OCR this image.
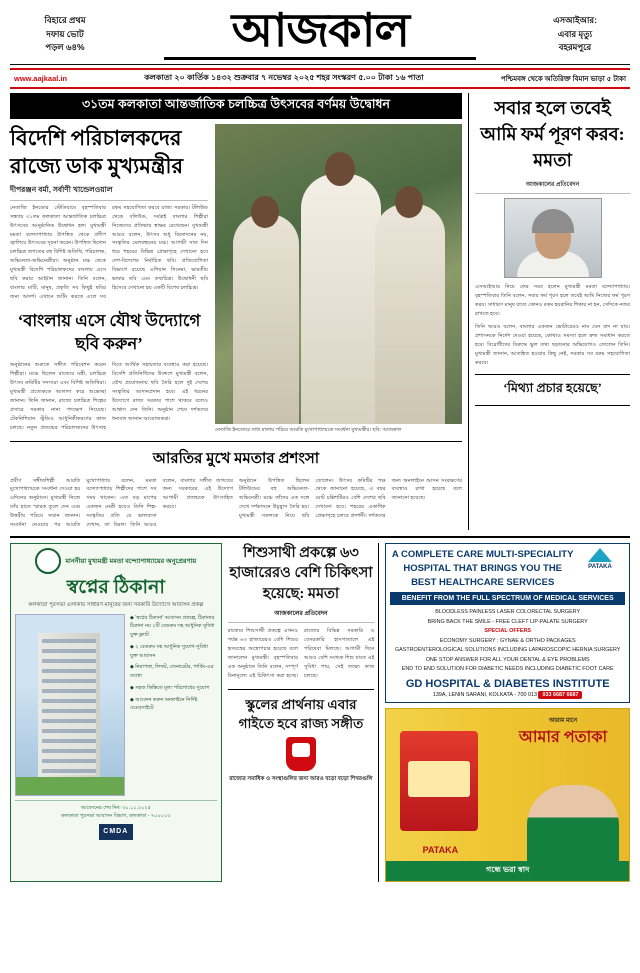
বিহারে প্রথম
দফায় ভোট
পড়ল ৬৪%	আজকাল	এসআইআর:
এবার মৃত্যু
বহরমপুরে
www.aajkaal.in	কলকাতা ২০ কার্তিক ১৪৩২ শুক্রবার ৭ নভেম্বর ২০২৫ শহর সংস্করণ ৫.০০ টাকা ১৬ পাতা	পশ্চিমবঙ্গ থেকে অতিরিক্ত বিমান ভাড়া ৫ টাকা
৩১তম কলকাতা আন্তর্জাতিক চলচ্চিত্র উৎসবের বর্ণময় উদ্বোধন
বিদেশি পরিচালকদের রাজ্যে ডাক মুখ্যমন্ত্রীর
দীপরঞ্জন বর্মা, সর্বাণী খান্ডেলওয়াল
নেতাজি ইনডোর স্টেডিয়ামে বৃহস্পতিবার সন্ধ্যায় ৩১তম কলকাতা আন্তর্জাতিক চলচ্চিত্র উৎসবের আনুষ্ঠানিক উদ্বোধন হল। মুখ্যমন্ত্রী মমতা বন্দ্যোপাধ্যায় উপস্থিত থেকে প্রদীপ জ্বালিয়ে উৎসবের সূচনা করেন। উপস্থিত ছিলেন চলচ্চিত্র জগতের বহু বিশিষ্ট অতিথি, পরিচালক, অভিনেতা-অভিনেত্রীরা। অনুষ্ঠান মঞ্চ থেকে মুখ্যমন্ত্রী বিদেশি পরিচালকদের বাংলায় এসে ছবি করার আহ্বান জানান। তিনি বলেন, বাংলার মাটি, মানুষ, প্রকৃতি সব কিছুই ছবির জন্য আদর্শ। এখানে শুটিং করতে এলে সব রকম সহযোগিতা করবে রাজ্য সরকার। টলিউড থেকে বলিউড, সর্বত্রই বাংলার শিল্পীরা নিজেদের প্রতিভার স্বাক্ষর রেখেছেন। মুখ্যমন্ত্রী আরও বলেন, উৎসব শুধু বিনোদনের নয়, সংস্কৃতির মেলবন্ধনের মঞ্চ। আগামী সাত দিন ধরে শহরের বিভিন্ন প্রেক্ষাগৃহে দেখানো হবে দেশ-বিদেশের নির্বাচিত ছবি। প্রতিযোগিতা বিভাগে রয়েছে এশিয়ান সিনেমা, ভারতীয় ভাষার ছবি এবং তথ্যচিত্র। উদ্বোধনী ছবি হিসেবে দেখানো হয় একটি বিশেষ চলচ্চিত্র।
‘বাংলায় এসে যৌথ উদ্যোগে ছবি করুন’
অনুষ্ঠানের শুরুতে সঙ্গীত পরিবেশন করেন শিল্পীরা। মঞ্চে ছিলেন রাজ্যের মন্ত্রী, চলচ্চিত্র উৎসব কমিটির সদস্যরা এবং বিশিষ্ট অতিথিরা। মুখ্যমন্ত্রী প্রত্যেককে আলাদা করে শুভেচ্ছা জানান। তিনি জানান, রাজ্যে চলচ্চিত্র শিল্পের প্রসারে সরকার নানা পদক্ষেপ নিয়েছে। টেকনিশিয়ান স্টুডিও আধুনিকীকরণের কাজ চলছে। নতুন প্রজন্মের পরিচালকদের উৎসাহ দিতে আর্থিক সহায়তার ব্যবস্থাও করা হয়েছে। বিদেশি প্রতিনিধিদের উদ্দেশে মুখ্যমন্ত্রী বলেন, যৌথ প্রযোজনায় ছবি তৈরি হলে দুই দেশের সংস্কৃতির আদানপ্রদান হবে। এই ধরনের উদ্যোগে রাজ্য সরকার পাশে থাকবে বলেও আশ্বাস দেন তিনি। অনুষ্ঠান শেষে দর্শকদের ধন্যবাদ জানান আয়োজকরা।
নেতাজি ইনডোরে সাধ্য মালায় পরিয়ে আরতি মুখোপাধ্যায়কে সংবর্ধনা মুখ্যমন্ত্রীর। ছবি: আজকাল
আরতির মুখে মমতার প্রশংসা
প্রবীণ সঙ্গীতশিল্পী আরতি মুখোপাধ্যায়কে সংবর্ধনা দেওয়া হয় এদিনের অনুষ্ঠানে। মুখ্যমন্ত্রী নিজে তাঁর হাতে স্মারক তুলে দেন এবং উত্তরীয় পরিয়ে সম্মান জানান। সংবর্ধনা নেওয়ার পর আরতি মুখোপাধ্যায় বলেন, মমতা বন্দ্যোপাধ্যায় শিল্পীদের পাশে সব সময় থাকেন। এত বড় মাপের একজন নেত্রী হয়েও তিনি শিল্প-সংস্কৃতির প্রতি যে ভালবাসা দেখান, তা বিরল। তিনি আরও বলেন, বাংলার সঙ্গীত জগতের জন্য সরকারের এই উদ্যোগ আগামী প্রজন্মকে উৎসাহিত করবে।
অনুষ্ঠানে উপস্থিত ছিলেন টলিউডের বহু অভিনেতা-অভিনেত্রী। মঞ্চে তাঁদের এক সঙ্গে দেখে দর্শকাসনে উচ্ছ্বাস তৈরি হয়। মুখ্যমন্ত্রী সকলকে নিয়ে ছবি তোলেন। উৎসব কমিটির পক্ষ থেকে জানানো হয়েছে, এ বছর মোট চল্লিশটিরও বেশি দেশের ছবি দেখানো হবে। শহরের একাধিক প্রেক্ষাগৃহে চলবে প্রদর্শনী। দর্শকদের জন্য অনলাইনে আসন সংরক্ষণের ব্যবস্থাও রাখা হয়েছে বলে জানানো হয়েছে।
সবার হলে তবেই আমি ফর্ম পূরণ করব: মমতা
আজকালের প্রতিবেদন
এসআইআর নিয়ে ফের সরব হলেন মুখ্যমন্ত্রী মমতা বন্দ্যোপাধ্যায়। বৃহস্পতিবার তিনি বলেন, সবার ফর্ম পূরণ হলে তবেই আমি নিজের ফর্ম পূরণ করব। সাধারণ মানুষ যাতে কোনও রকম হয়রানির শিকার না হন, সেদিকে নজর রাখতে হবে।
তিনি আরও বলেন, বাংলার একজন ভোটারেরও নাম যেন বাদ না যায়। প্রশাসনকে নির্দেশ দেওয়া হয়েছে, কোথাও সমস্যা হলে দ্রুত সমাধান করতে হবে। বিরোধীদের বিরুদ্ধে ভুল তথ্য ছড়ানোর অভিযোগও তোলেন তিনি। মুখ্যমন্ত্রী জানান, আতঙ্কিত হওয়ার কিছু নেই, সরকার সব রকম সহযোগিতা করবে।
‘মিথ্যা প্রচার হয়েছে’
মাননীয়া মুখ্যমন্ত্রী মমতা বন্দ্যোপাধ্যায়ের অনুপ্রেরণায়
স্বপ্নের ঠিকানা
কলকাতা পুরসভা এলাকায় সাধারণ মানুষের জন্য সরকারি উদ্যোগে আবাসন প্রকল্প
◆ ‘স্বপ্নের ঠিকানা’ আবাসন প্রকল্পে, ঠিকানার ঠিকানা নয় ২টি বেডরুম সহ আধুনিক সুবিধা যুক্ত ফ্ল্যাট
◆ ২ বেডরুম সহ আধুনিক সুযোগ-সুবিধা যুক্ত আবাসন
◆ নিরাপত্তা, লিফট, জেনারেটর, পার্কিং-এর ব্যবস্থা
◆ সহজ কিস্তিতে মূল্য পরিশোধের সুযোগ
◆ আবেদন করুন অনলাইনে নির্দিষ্ট ওয়েবসাইটে
আবেদনের শেষ দিন: ৩০.১১.২০২৫
কলকাতা পুরসভা আবাসন বিভাগ, কলকাতা - ৭০০০১৩
CMDA
শিশুসাথী প্রকল্পে ৬৩ হাজারেরও বেশি চিকিৎসা হয়েছে: মমতা
আজকালের প্রতিবেদন
রাজ্যের শিশুসাথী প্রকল্পে এখনও পর্যন্ত ৬৩ হাজারেরও বেশি শিশুর হৃদযন্ত্রের অস্ত্রোপচার হয়েছে বলে জানালেন মুখ্যমন্ত্রী। বৃহস্পতিবার এক অনুষ্ঠানে তিনি বলেন, সম্পূর্ণ বিনামূল্যে এই চিকিৎসা করা হচ্ছে। রাজ্যের বিভিন্ন সরকারি ও বেসরকারি হাসপাতালে এই পরিষেবা মিলছে। আগামী দিনে আরও বেশি সংখ্যক শিশু যাতে এই সুবিধা পায়, সেই লক্ষ্যে কাজ চলছে।
স্কুলের প্রার্থনায় এবার গাইতে হবে রাজ্য সঙ্গীত
রাজ্যের সমাধিক ও সংস্থাগুলির জন্য আরও বড়ো বড়ো শিখরগুলি
A COMPLETE CARE MULTI-SPECIALITY HOSPITAL THAT BRINGS YOU THE BEST HEALTHCARE SERVICES
PATAKA
BENEFIT FROM THE FULL SPECTRUM OF MEDICAL SERVICES
BLOODLESS PAINLESS LASER COLORECTAL SURGERY
BRING BACK THE SMILE - FREE CLEFT LIP-PALATE SURGERY
SPECIAL OFFERS
ECONOMY SURGERY : GYNAE & ORTHO PACKAGES
GASTROENTEROLOGICAL SOLUTIONS INCLUDING LAPAROSCOPIC HERNIA SURGERY
ONE STOP ANSWER FOR ALL YOUR DENTAL & EYE PROBLEMS
END TO END SOLUTION FOR DIABETIC NEEDS INCLUDING DIABETIC FOOT CARE
GD HOSPITAL & DIABETES INSTITUTE
139A, LENIN SARANI, KOLKATA - 700 013 033 6687 6687
আরাম মানে
আমার পতাকা
PATAKA
গন্ধে ভরা স্বাদ
